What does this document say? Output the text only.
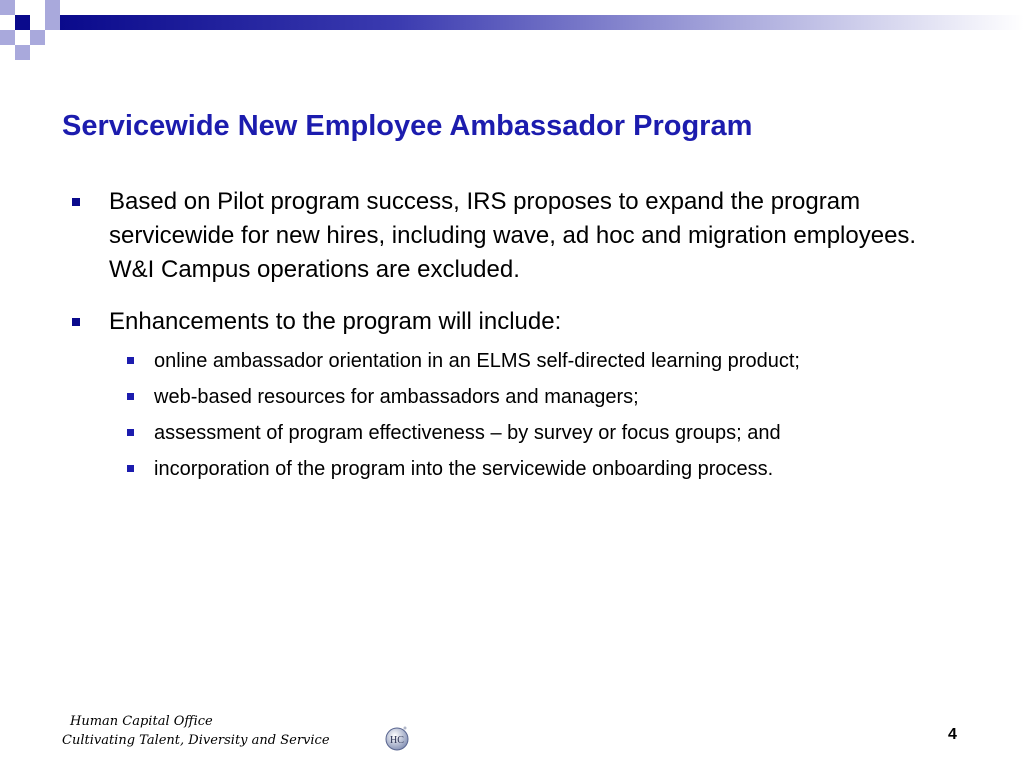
Servicewide New Employee Ambassador Program
Based on Pilot program success, IRS proposes to expand the program servicewide for new hires, including wave, ad hoc and migration employees. W&I Campus operations are excluded.
Enhancements to the program will include:
online ambassador orientation in an ELMS self-directed learning product;
web-based resources for ambassadors and managers;
assessment of program effectiveness – by survey or focus groups; and
incorporation of the program into the servicewide onboarding process.
Human Capital Office
Cultivating Talent, Diversity and Service	HC	4
